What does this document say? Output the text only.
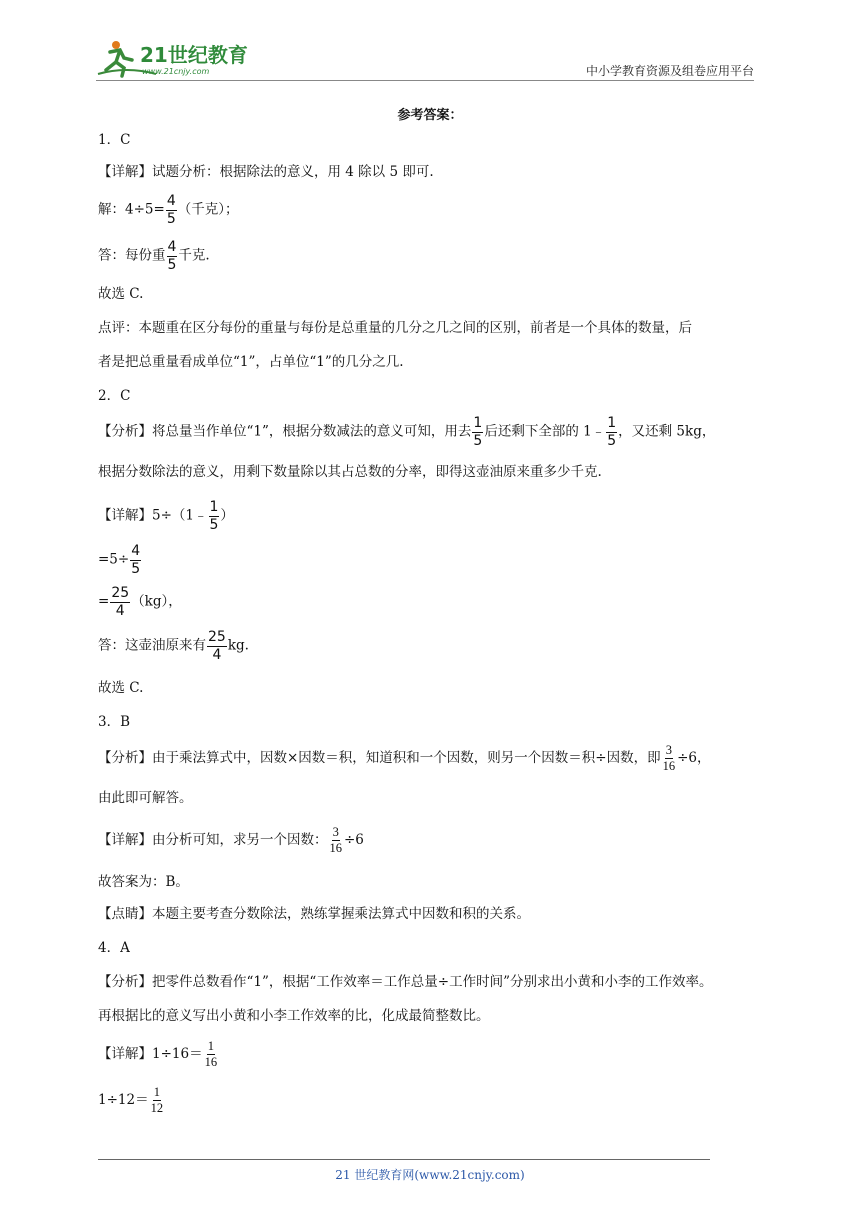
21世纪教育
www.21cnjy.com	中小学教育资源及组卷应用平台
参考答案：
1．C
【详解】试题分析：根据除法的意义，用 4 除以 5 即可.
解：$4\div 5= \frac{4}{5}$ （千克）；
答：每份重 $\frac{4}{5}$ 千克.
故选 C.
点评：本题重在区分每份的重量与每份是总重量的几分之几之间的区别，前者是一个具体的数量，后
者是把总重量看成单位“1”，占单位“1”的几分之几.
2．C
【分析】将总量当作单位“1”，根据分数减法的意义可知，用去 $\frac{1}{5}$ 后还剩下全部的 1﹣ $\frac{1}{5}$ ，又还剩 5kg，
根据分数除法的意义，用剩下数量除以其占总数的分率，即得这壶油原来重多少千克.
【详解】5÷（1﹣ $\frac{1}{5}$ ）
$=5\div \frac{4}{5}$
= $\frac{25}{4} (kg)$，
答：这壶油原来有 $\frac{25}{4}$ kg.
故选 C.
3．B
【分析】由于乘法算式中，因数×因数＝积，知道积和一个因数，则另一个因数＝积÷因数，即 $\frac{3}{16} \div 6$，
由此即可解答。
【详解】由分析可知，求另一个因数： $\frac{3}{16} \div 6$
故答案为：B。
【点睛】本题主要考查分数除法，熟练掌握乘法算式中因数和积的关系。
4．A
【分析】把零件总数看作“1”，根据“工作效率＝工作总量÷工作时间”分别求出小黄和小李的工作效率。
再根据比的意义写出小黄和小李工作效率的比，化成最简整数比。
【详解】$1\div 16= \frac{1}{16}$
$1\div 12= \frac{1}{12}$
21 世纪教育网(www.21cnjy.com)
